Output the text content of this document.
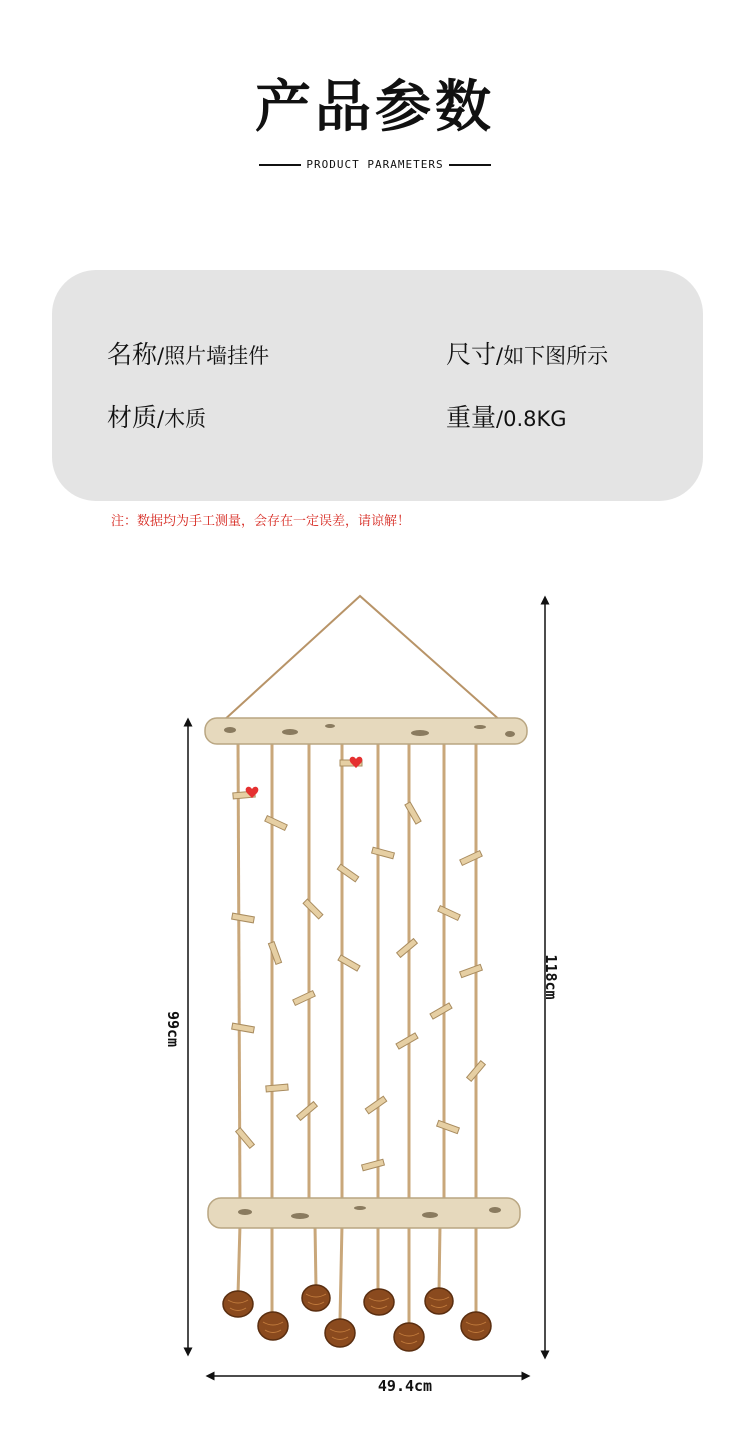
产品参数
PRODUCT PARAMETERS
名称/照片墙挂件	尺寸/如下图所示
材质/木质	重量/0.8KG
注：数据均为手工测量，会存在一定误差，请谅解！
49.4cm
99cm
118cm
